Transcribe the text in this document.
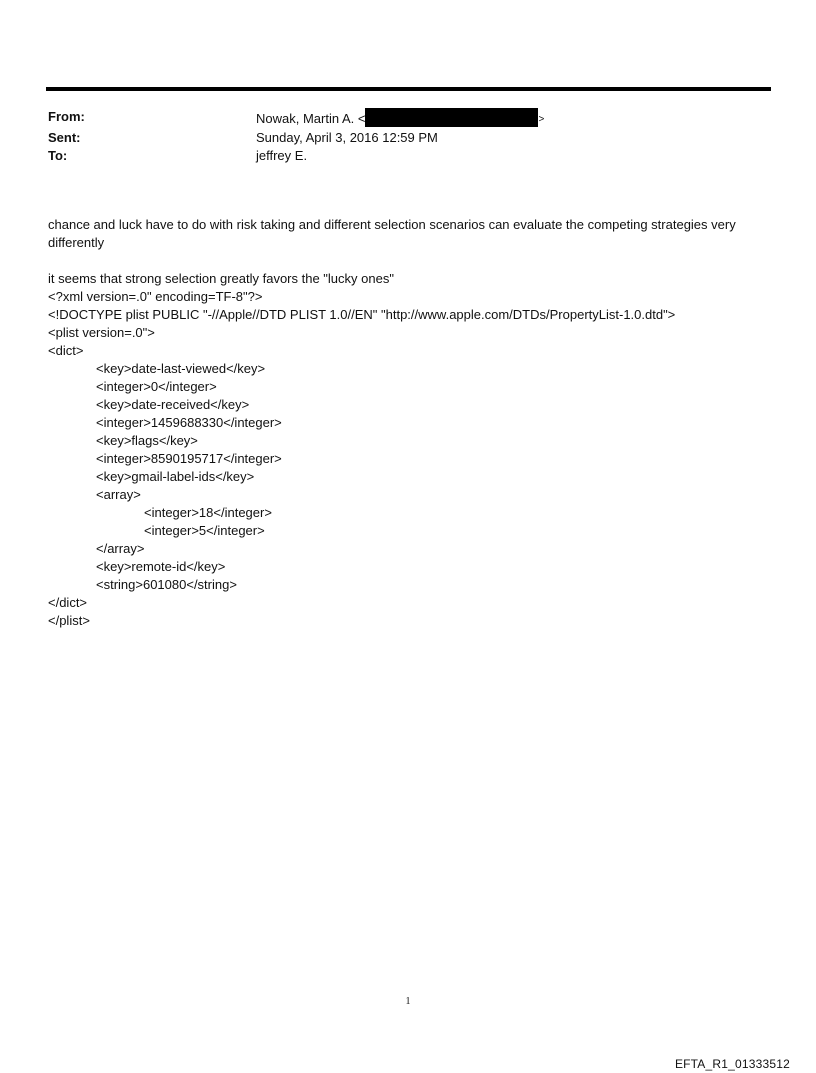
From:	Nowak, Martin A. <	>
Sent:	Sunday, April 3, 2016 12:59 PM
To:	jeffrey E.

chance and luck have to do with risk taking and different selection scenarios can evaluate the competing strategies very differently

it seems that strong selection greatly favors the "lucky ones"

<?xml version=.0" encoding=TF-8"?>
<!DOCTYPE plist PUBLIC "-//Apple//DTD PLIST 1.0//EN" "http://www.apple.com/DTDs/PropertyList-1.0.dtd">
<plist version=.0">
<dict>
<key>date-last-viewed</key>
<integer>0</integer>
<key>date-received</key>
<integer>1459688330</integer>
<key>flags</key>
<integer>8590195717</integer>
<key>gmail-label-ids</key>
<array>
<integer>18</integer>
<integer>5</integer>
</array>
<key>remote-id</key>
<string>601080</string>
</dict>
</plist>
1
EFTA_R1_01333512
